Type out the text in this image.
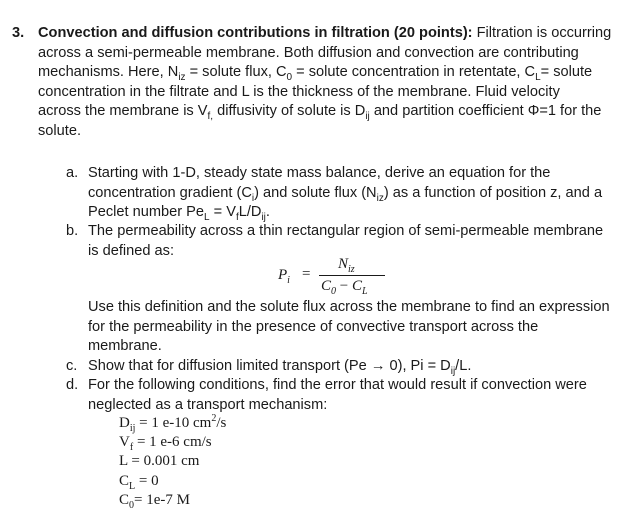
3. Convection and diffusion contributions in filtration (20 points): Filtration is occurring
across a semi-permeable membrane. Both diffusion and convection are contributing
mechanisms. Here, $N_{iz}$ = solute flux, $C_0$ = solute concentration in retentate, $C_L=$ solute
concentration in the filtrate and L is the thickness of the membrane. Fluid velocity
across the membrane is $V_{f,}$ diffusivity of solute is $D_{ij}$ and partition coefficient Φ=1 for the
solute.
a. Starting with 1-D, steady state mass balance, derive an equation for the
concentration gradient $(C_i)$ and solute flux $(N_{iz})$ as a function of position z, and a
Peclet number $Pe_L = V_fL/D_{ij}$.
b. The permeability across a thin rectangular region of semi-permeable membrane
is defined as:
$P_i$ =
$N_{iz}$
$C_0 - C_L$
Use this definition and the solute flux across the membrane to find an expression
for the permeability in the presence of convective transport across the
membrane.
c. Show that for diffusion limited transport (Pe → 0), $Pi = D_{ij}/L$.
d. For the following conditions, find the error that would result if convection were
neglected as a transport mechanism:
$D_{ij} = 1$ e-10 $cm^2/s$
$V_f = 1$ e-6 cm/s
L = 0.001 cm
$C_L = 0$
$C_0= 1e-7$ M
